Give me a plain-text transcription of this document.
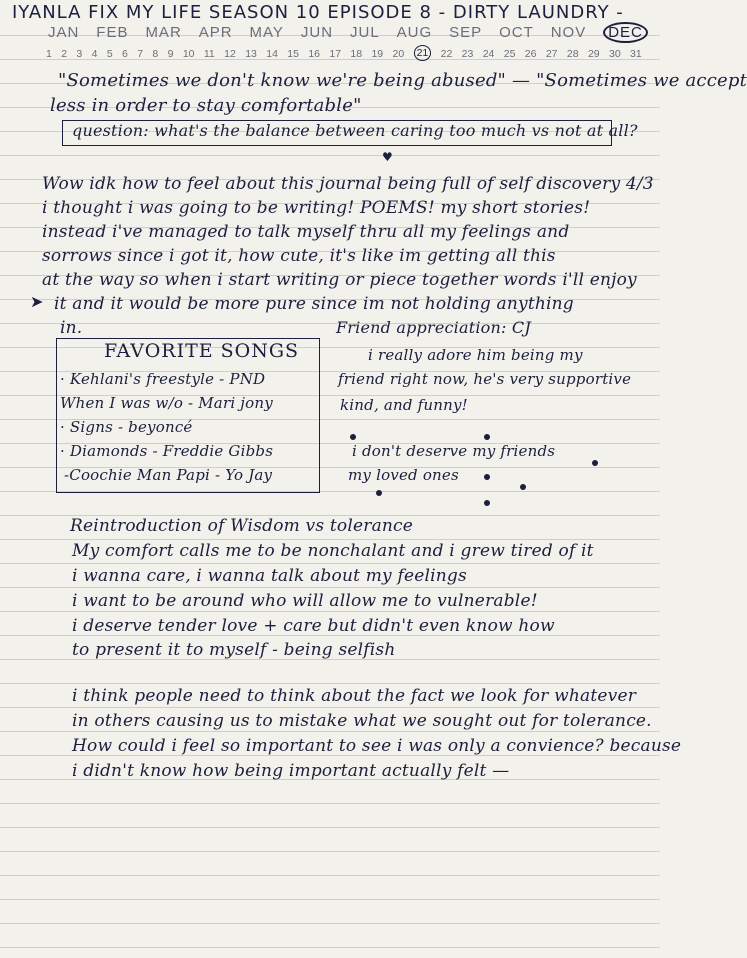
IYANLA FIX MY LIFE SEASON 10 EPISODE 8 - DIRTY LAUNDRY -
JAN FEB MAR APR MAY JUN JUL AUG SEP OCT NOV	DEC
1 2 3 4 5 6 7 8 9 10 11 12 13 14 15 16 17 18 19 20 21 22 23 24 25 26 27 28 29 30 31
"Sometimes we don't know we're being abused" — "Sometimes we accept
less in order to stay comfortable"
question: what's the balance between caring too much vs not at all?
♥
Wow idk how to feel about this journal being full of self discovery 4/3
i thought i was going to be writing! POEMS! my short stories!
instead i've managed to talk myself thru all my feelings and
sorrows since i got it, how cute, it's like im getting all this
at the way so when i start writing or piece together words i'll enjoy
➤ it and it would be more pure since im not holding anything
in.
FAVORITE SONGS
· Kehlani's freestyle - PND
When I was w/o - Mari jony
· Signs - beyoncé
· Diamonds - Freddie Gibbs
-Coochie Man Papi - Yo Jay
Friend appreciation: CJ
i really adore him being my
friend right now, he's very supportive
kind, and funny!
i don't deserve my friends
my loved ones
Reintroduction of Wisdom vs tolerance
My comfort calls me to be nonchalant and i grew tired of it
i wanna care, i wanna talk about my feelings
i want to be around who will allow me to vulnerable!
i deserve tender love + care but didn't even know how
to present it to myself - being selfish
i think people need to think about the fact we look for whatever
in others causing us to mistake what we sought out for tolerance.
How could i feel so important to see i was only a convience? because
i didn't know how being important actually felt —
